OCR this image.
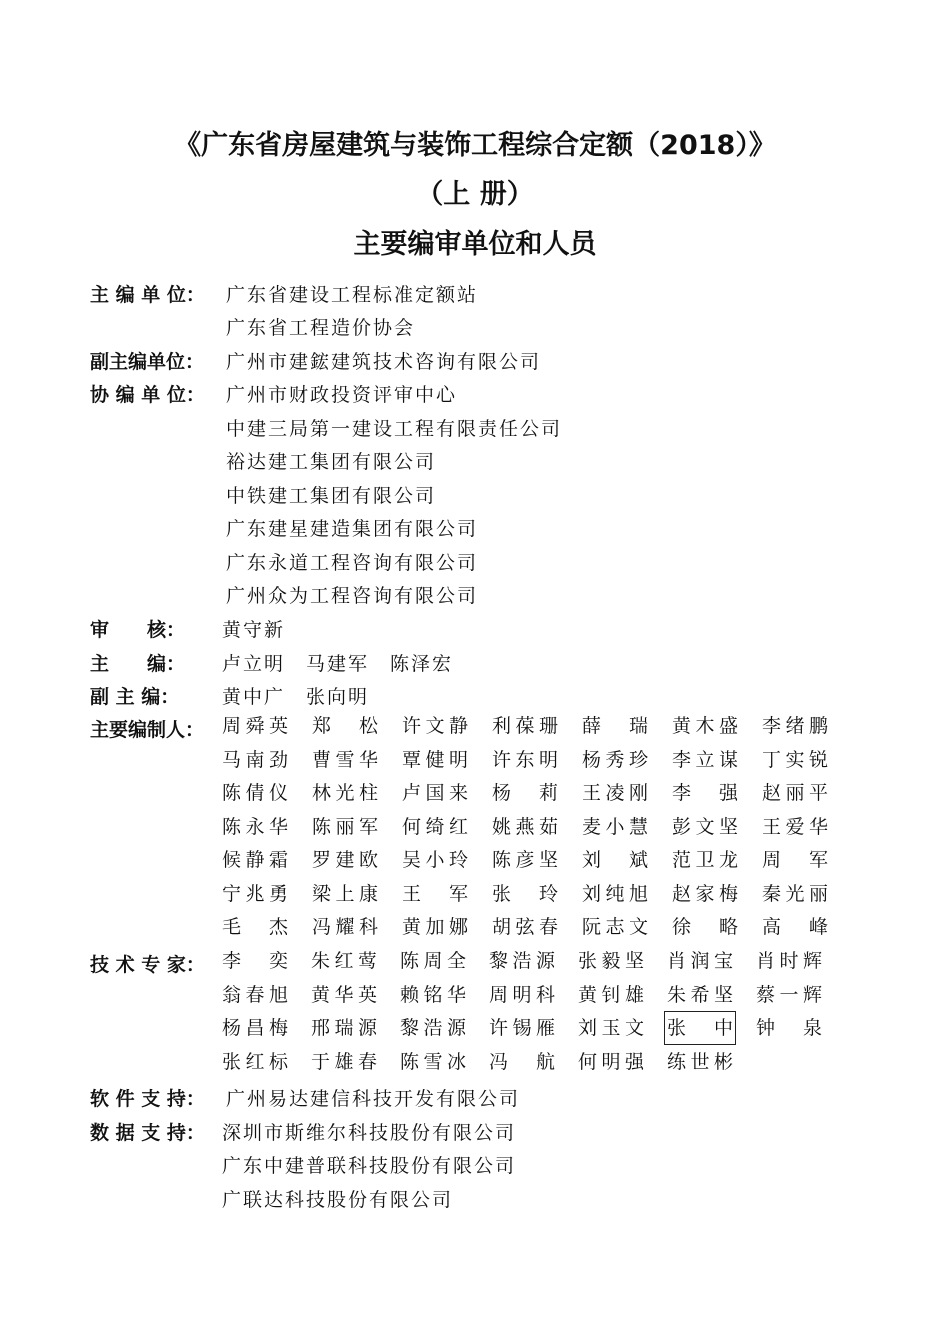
《广东省房屋建筑与装饰工程综合定额（2018）》
（上 册）
主要编审单位和人员
主 编 单 位：	广东省建设工程标准定额站
广东省工程造价协会
副主编单位：	广州市建鋐建筑技术咨询有限公司
协 编 单 位：	广州市财政投资评审中心
中建三局第一建设工程有限责任公司
裕达建工集团有限公司
中铁建工集团有限公司
广东建星建造集团有限公司
广东永道工程咨询有限公司
广州众为工程咨询有限公司
审　　核：	黄守新
主　　编：	卢立明　马建军　陈泽宏
副 主 编：	黄中广　张向明
主要编制人： 周舜英 郑松 许文静 利葆珊 薛瑞 黄木盛 李绪鹏
马南劲 曹雪华 覃健明 许东明 杨秀珍 李立谋 丁实锐
陈倩仪 林光柱 卢国来 杨莉 王凌刚 李强 赵丽平
陈永华 陈丽军 何绮红 姚燕茹 麦小慧 彭文坚 王爱华
候静霜 罗建欧 吴小玲 陈彦坚 刘斌 范卫龙 周军
宁兆勇 梁上康 王军 张玲 刘纯旭 赵家梅 秦光丽
毛杰 冯耀科 黄加娜 胡弦春 阮志文 徐略 高峰
技 术 专 家： 李奕 朱红莺 陈周全 黎浩源 张毅坚 肖润宝 肖时辉
翁春旭 黄华英 赖铭华 周明科 黄钊雄 朱希坚 蔡一辉
杨昌梅 邢瑞源 黎浩源 许锡雁 刘玉文 张中 钟泉
张红标 于雄春 陈雪冰 冯航 何明强 练世彬
软 件 支 持：	广州易达建信科技开发有限公司
数 据 支 持： 深圳市斯维尔科技股份有限公司
广东中建普联科技股份有限公司
广联达科技股份有限公司
